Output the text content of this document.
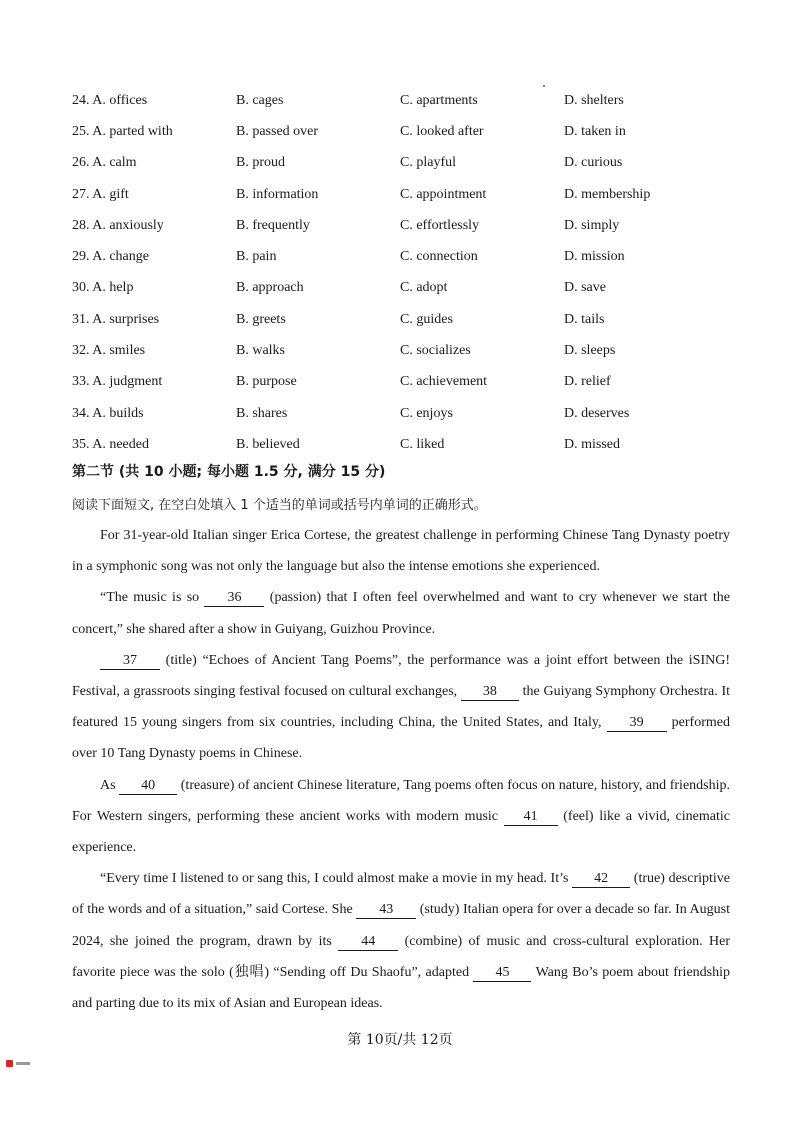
24. A. offices	B. cages	C. apartments	D. shelters
25. A. parted with	B. passed over	C. looked after	D. taken in
26. A. calm	B. proud	C. playful	D. curious
27. A. gift	B. information	C. appointment	D. membership
28. A. anxiously	B. frequently	C. effortlessly	D. simply
29. A. change	B. pain	C. connection	D. mission
30. A. help	B. approach	C. adopt	D. save
31. A. surprises	B. greets	C. guides	D. tails
32. A. smiles	B. walks	C. socializes	D. sleeps
33. A. judgment	B. purpose	C. achievement	D. relief
34. A. builds	B. shares	C. enjoys	D. deserves
35. A. needed	B. believed	C. liked	D. missed
第二节 (共 10 小题; 每小题 1.5 分, 满分 15 分)
阅读下面短文, 在空白处填入 1 个适当的单词或括号内单词的正确形式。

For 31-year-old Italian singer Erica Cortese, the greatest challenge in performing Chinese Tang Dynasty poetry in a symphonic song was not only the language but also the intense emotions she experienced.

“The music is so 36 (passion) that I often feel overwhelmed and want to cry whenever we start the concert,” she shared after a show in Guiyang, Guizhou Province.

37 (title) “Echoes of Ancient Tang Poems”, the performance was a joint effort between the iSING! Festival, a grassroots singing festival focused on cultural exchanges, 38 the Guiyang Symphony Orchestra. It featured 15 young singers from six countries, including China, the United States, and Italy, 39 performed over 10 Tang Dynasty poems in Chinese.

As 40 (treasure) of ancient Chinese literature, Tang poems often focus on nature, history, and friendship. For Western singers, performing these ancient works with modern music 41 (feel) like a vivid, cinematic experience.

“Every time I listened to or sang this, I could almost make a movie in my head. It’s 42 (true) descriptive of the words and of a situation,” said Cortese. She 43 (study) Italian opera for over a decade so far. In August 2024, she joined the program, drawn by its 44 (combine) of music and cross-cultural exploration. Her favorite piece was the solo (独唱) “Sending off Du Shaofu”, adapted 45 Wang Bo’s poem about friendship and parting due to its mix of Asian and European ideas.

第 10页/共 12页
